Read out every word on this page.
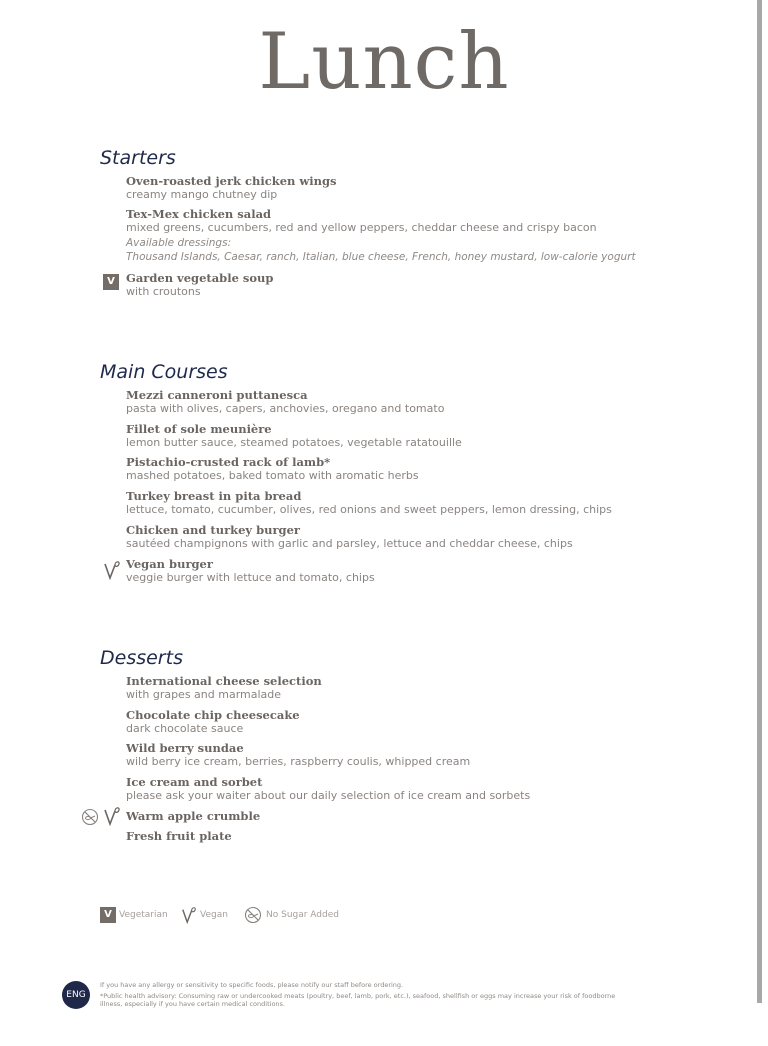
Lunch
Starters
Oven-roasted jerk chicken wings
creamy mango chutney dip
Tex-Mex chicken salad
mixed greens, cucumbers, red and yellow peppers, cheddar cheese and crispy bacon
Available dressings:
Thousand Islands, Caesar, ranch, Italian, blue cheese, French, honey mustard, low-calorie yogurt
V Garden vegetable soup
with croutons
Main Courses
Mezzi canneroni puttanesca
pasta with olives, capers, anchovies, oregano and tomato
Fillet of sole meunière
lemon butter sauce, steamed potatoes, vegetable ratatouille
Pistachio-crusted rack of lamb*
mashed potatoes, baked tomato with aromatic herbs
Turkey breast in pita bread
lettuce, tomato, cucumber, olives, red onions and sweet peppers, lemon dressing, chips
Chicken and turkey burger
sautéed champignons with garlic and parsley, lettuce and cheddar cheese, chips
Vegan burger
veggie burger with lettuce and tomato, chips
Desserts
International cheese selection
with grapes and marmalade
Chocolate chip cheesecake
dark chocolate sauce
Wild berry sundae
wild berry ice cream, berries, raspberry coulis, whipped cream
Ice cream and sorbet
please ask your waiter about our daily selection of ice cream and sorbets
Warm apple crumble
Fresh fruit plate
V Vegetarian	Vegan	No Sugar Added
ENG
If you have any allergy or sensitivity to specific foods, please notify our staff before ordering.
*Public health advisory: Consuming raw or undercooked meats (poultry, beef, lamb, pork, etc.), seafood, shellfish or eggs may increase your risk of foodborne illness, especially if you have certain medical conditions.
